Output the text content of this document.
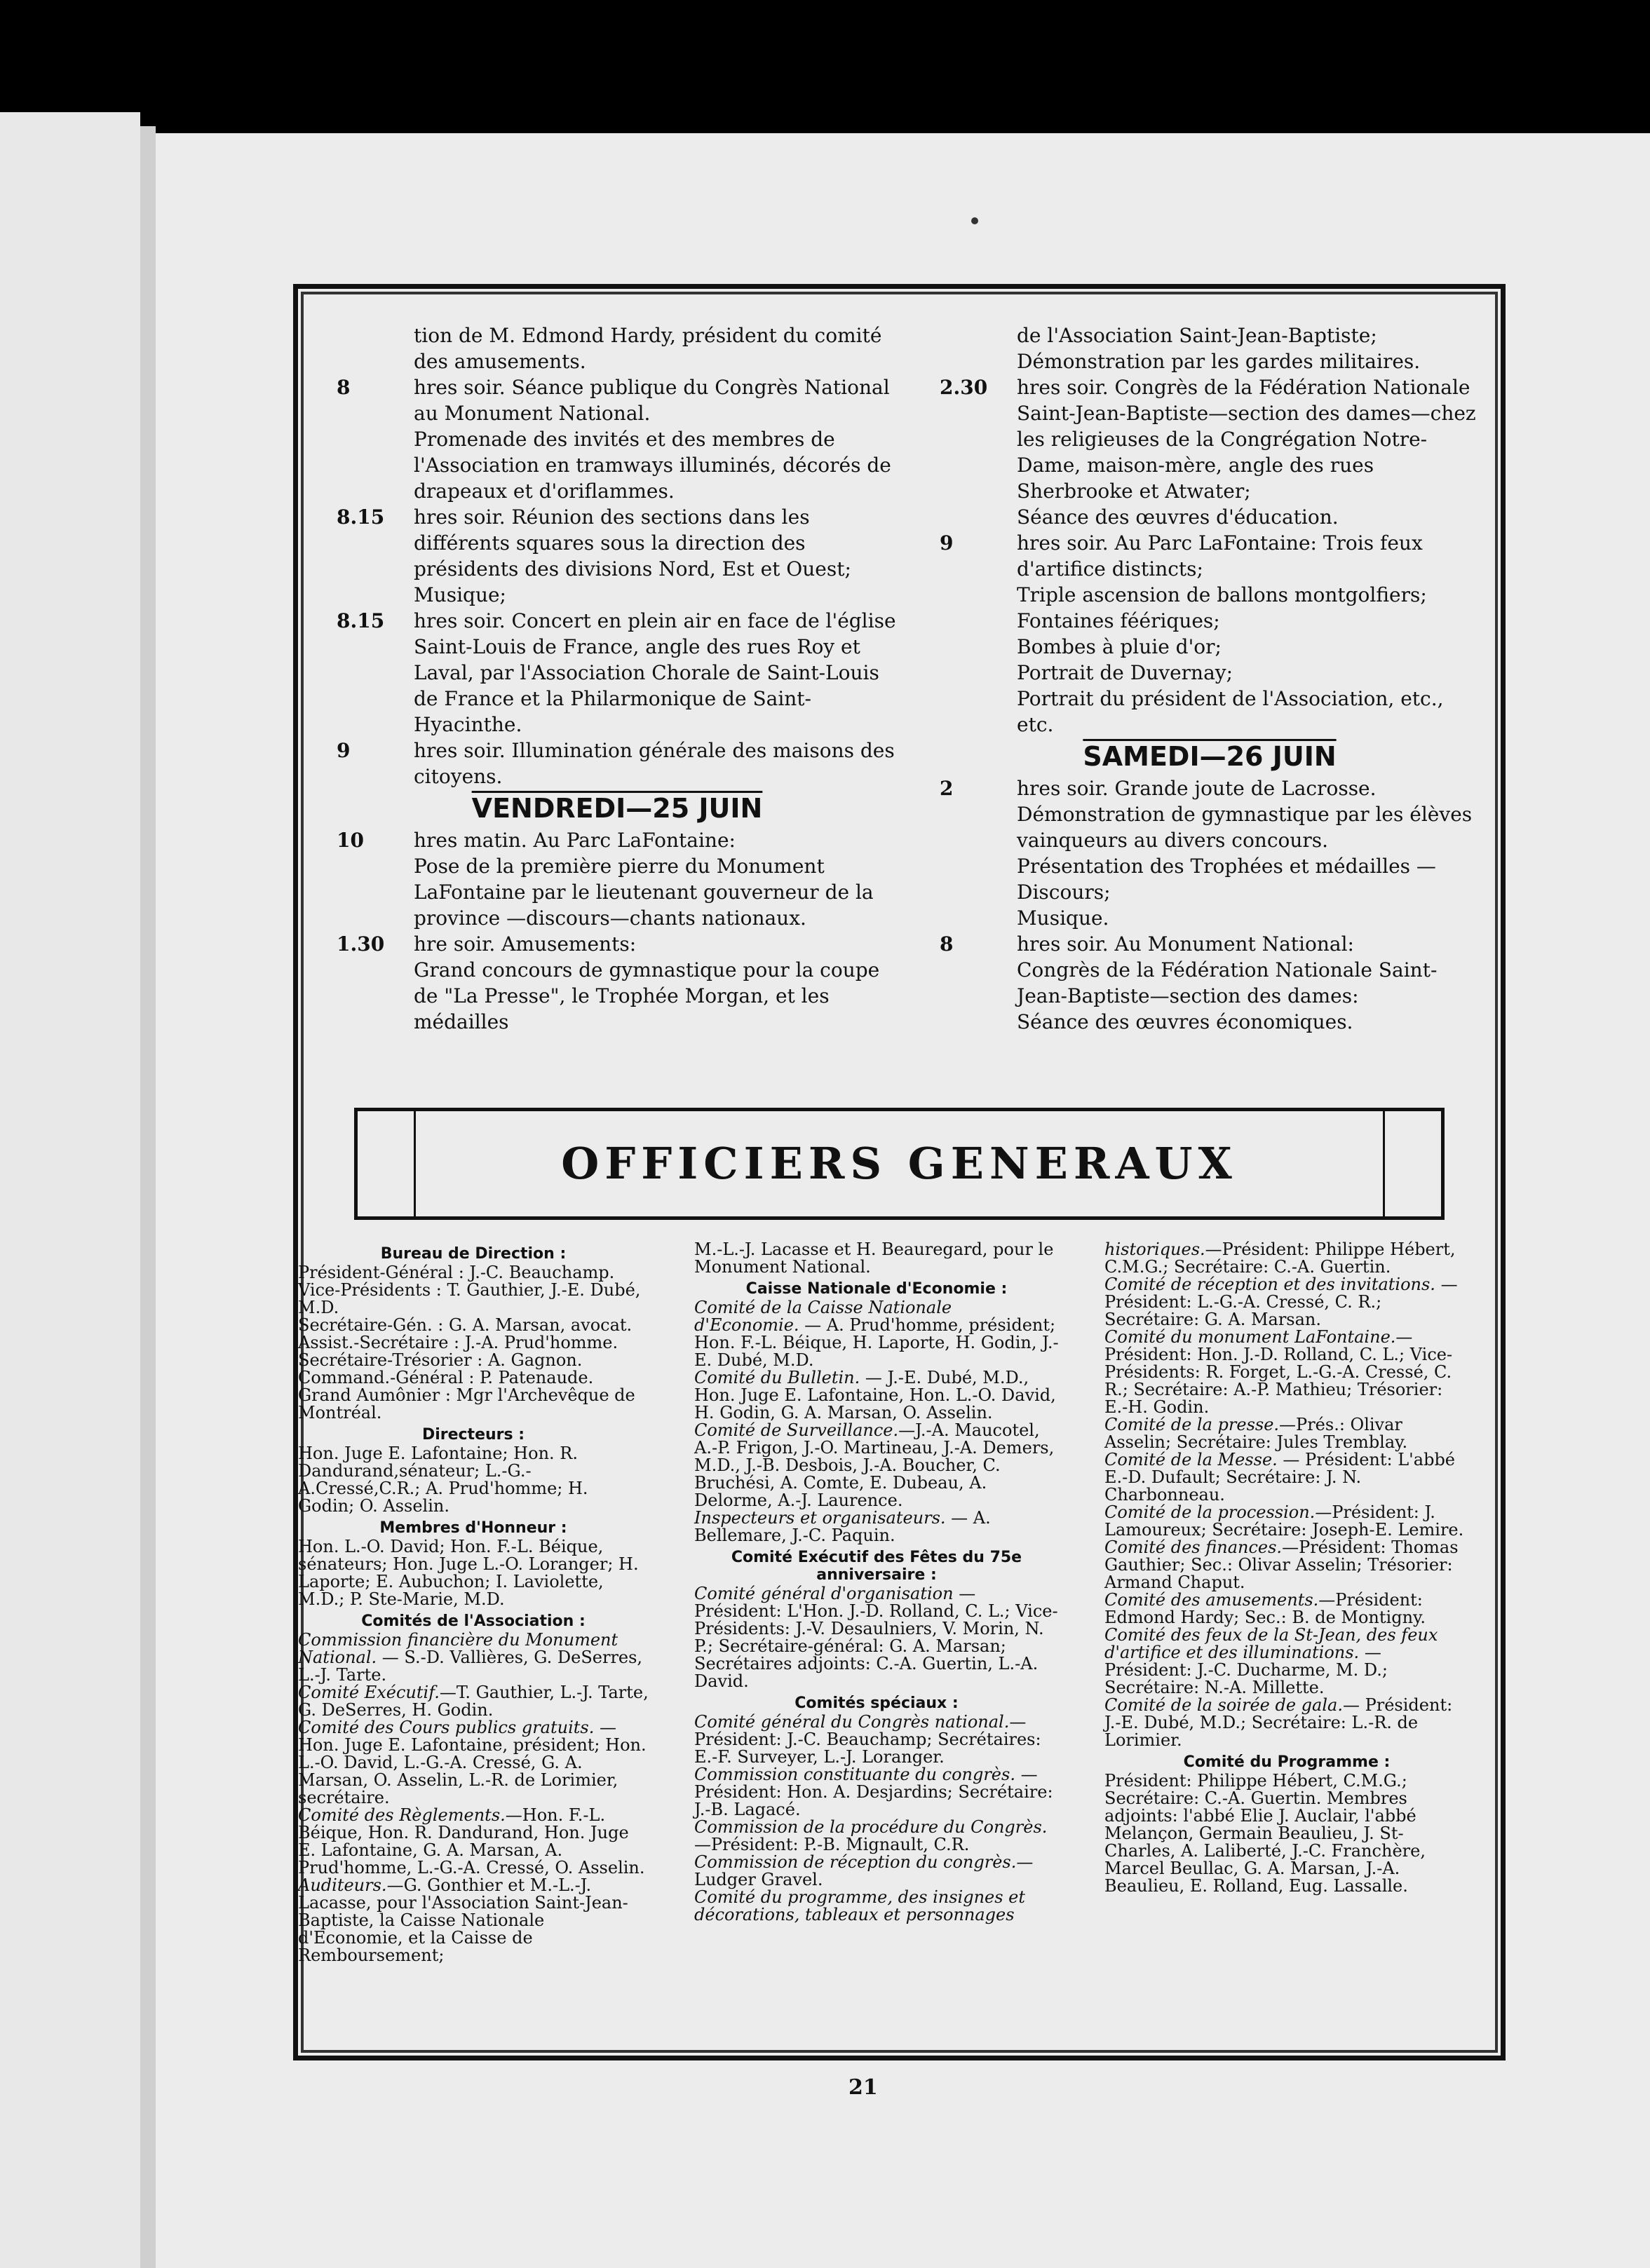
tion de M. Edmond Hardy, président du comité des amusements.

8	hres soir. Séance publique du Congrès National au Monument National.

Promenade des invités et des membres de l'Association en tramways illuminés, décorés de drapeaux et d'oriflammes.

8.15 hres soir. Réunion des sections dans les différents squares sous la direction des présidents des divisions Nord, Est et Ouest;

Musique;

8.15 hres soir. Concert en plein air en face de l'église Saint-Louis de France, angle des rues Roy et Laval, par l'Association Chorale de Saint-Louis de France et la Philarmonique de Saint-Hyacinthe.

9	hres soir. Illumination générale des maisons des citoyens.

VENDREDI—25 JUIN
10	hres matin. Au Parc LaFontaine:

Pose de la première pierre du Monument LaFontaine par le lieutenant gouverneur de la province —discours—chants nationaux.

1.30 hre soir. Amusements:

Grand concours de gymnastique pour la coupe de "La Presse", le Trophée Morgan, et les médailles

de l'Association Saint-Jean-Baptiste;

Démonstration par les gardes militaires.

2.30 hres soir. Congrès de la Fédération Nationale Saint-Jean-Baptiste—section des dames—chez les religieuses de la Congrégation Notre-Dame, maison-mère, angle des rues Sherbrooke et Atwater;

Séance des œuvres d'éducation.

9	hres soir. Au Parc LaFontaine: Trois feux d'artifice distincts;

Triple ascension de ballons montgolfiers;

Fontaines féériques;

Bombes à pluie d'or;

Portrait de Duvernay;

Portrait du président de l'Association, etc., etc.

SAMEDI—26 JUIN
2	hres soir. Grande joute de Lacrosse.

Démonstration de gymnastique par les élèves vainqueurs au divers concours.

Présentation des Trophées et médailles — Discours;

Musique.

8	hres soir. Au Monument National:

Congrès de la Fédération Nationale Saint-Jean-Baptiste—section des dames:

Séance des œuvres économiques.

OFFICIERS GENERAUX

Bureau de Direction :

Président-Général : J.-C. Beauchamp.

Vice-Présidents : T. Gauthier, J.-E. Dubé, M.D.

Secrétaire-Gén. : G. A. Marsan, avocat.

Assist.-Secrétaire : J.-A. Prud'homme.

Secrétaire-Trésorier : A. Gagnon.

Command.-Général : P. Patenaude.

Grand Aumônier : Mgr l'Archevêque de Montréal.

Directeurs :

Hon. Juge E. Lafontaine; Hon. R. Dandurand,sénateur; L.-G.-A.Cressé,C.R.; A. Prud'homme; H. Godin; O. Asselin.

Membres d'Honneur :

Hon. L.-O. David; Hon. F.-L. Béique, sénateurs; Hon. Juge L.-O. Loranger; H. Laporte; E. Aubuchon; I. Laviolette, M.D.; P. Ste-Marie, M.D.

Comités de l'Association :

Commission financière du Monument National. — S.-D. Vallières, G. DeSerres, L.-J. Tarte.

Comité Exécutif.—T. Gauthier, L.-J. Tarte, G. DeSerres, H. Godin.

Comité des Cours publics gratuits. — Hon. Juge E. Lafontaine, président; Hon. L.-O. David, L.-G.-A. Cressé, G. A. Marsan, O. Asselin, L.-R. de Lorimier, secrétaire.

Comité des Règlements.—Hon. F.-L. Béique, Hon. R. Dandurand, Hon. Juge E. Lafontaine, G. A. Marsan, A. Prud'homme, L.-G.-A. Cressé, O. Asselin.

Auditeurs.—G. Gonthier et M.-L.-J. Lacasse, pour l'Association Saint-Jean-Baptiste, la Caisse Nationale d'Economie, et la Caisse de Remboursement;

M.-L.-J. Lacasse et H. Beauregard, pour le Monument National.

Caisse Nationale d'Economie :

Comité de la Caisse Nationale d'Economie. — A. Prud'homme, président; Hon. F.-L. Béique, H. Laporte, H. Godin, J.-E. Dubé, M.D.

Comité du Bulletin. — J.-E. Dubé, M.D., Hon. Juge E. Lafontaine, Hon. L.-O. David, H. Godin, G. A. Marsan, O. Asselin.

Comité de Surveillance.—J.-A. Maucotel, A.-P. Frigon, J.-O. Martineau, J.-A. Demers, M.D., J.-B. Desbois, J.-A. Boucher, C. Bruchési, A. Comte, E. Dubeau, A. Delorme, A.-J. Laurence.

Inspecteurs et organisateurs. — A. Bellemare, J.-C. Paquin.

Comité Exécutif des Fêtes du 75e anniversaire :

Comité général d'organisation — Président: L'Hon. J.-D. Rolland, C. L.; Vice-Présidents: J.-V. Desaulniers, V. Morin, N. P.; Secrétaire-général: G. A. Marsan; Secrétaires adjoints: C.-A. Guertin, L.-A. David.

Comités spéciaux :

Comité général du Congrès national.— Président: J.-C. Beauchamp; Secrétaires: E.-F. Surveyer, L.-J. Loranger.

Commission constituante du congrès. —Président: Hon. A. Desjardins; Secrétaire: J.-B. Lagacé.

Commission de la procédure du Congrès.—Président: P.-B. Mignault, C.R.

Commission de réception du congrès.— Ludger Gravel.

Comité du programme, des insignes et décorations, tableaux et personnages

historiques.—Président: Philippe Hébert, C.M.G.; Secrétaire: C.-A. Guertin.

Comité de réception et des invitations. —Président: L.-G.-A. Cressé, C. R.; Secrétaire: G. A. Marsan.

Comité du monument LaFontaine.— Président: Hon. J.-D. Rolland, C. L.; Vice-Présidents: R. Forget, L.-G.-A. Cressé, C. R.; Secrétaire: A.-P. Mathieu; Trésorier: E.-H. Godin.

Comité de la presse.—Prés.: Olivar Asselin; Secrétaire: Jules Tremblay.

Comité de la Messe. — Président: L'abbé E.-D. Dufault; Secrétaire: J. N. Charbonneau.

Comité de la procession.—Président: J. Lamoureux; Secrétaire: Joseph-E. Lemire.

Comité des finances.—Président: Thomas Gauthier; Sec.: Olivar Asselin; Trésorier: Armand Chaput.

Comité des amusements.—Président: Edmond Hardy; Sec.: B. de Montigny.

Comité des feux de la St-Jean, des feux d'artifice et des illuminations. — Président: J.-C. Ducharme, M. D.; Secrétaire: N.-A. Millette.

Comité de la soirée de gala.— Président: J.-E. Dubé, M.D.; Secrétaire: L.-R. de Lorimier.

Comité du Programme :

Président: Philippe Hébert, C.M.G.; Secrétaire: C.-A. Guertin. Membres adjoints: l'abbé Elie J. Auclair, l'abbé Melançon, Germain Beaulieu, J. St-Charles, A. Laliberté, J.-C. Franchère, Marcel Beullac, G. A. Marsan, J.-A. Beaulieu, E. Rolland, Eug. Lassalle.

21
